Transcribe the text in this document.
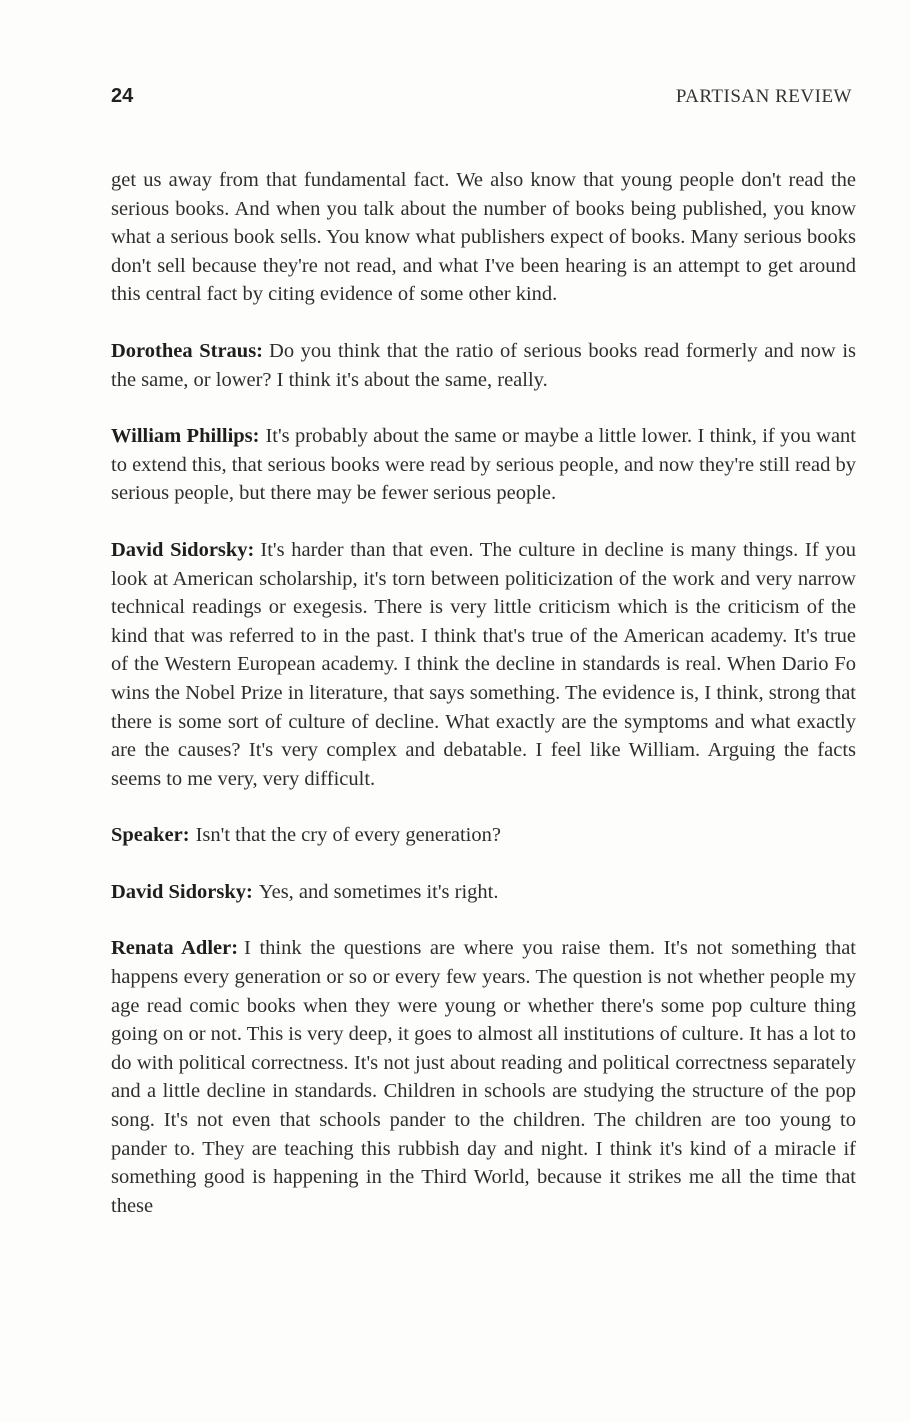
24	PARTISAN REVIEW

get us away from that fundamental fact. We also know that young people don't read the serious books. And when you talk about the number of books being published, you know what a serious book sells. You know what publishers expect of books. Many serious books don't sell because they're not read, and what I've been hearing is an attempt to get around this central fact by citing evidence of some other kind.

Dorothea Straus: Do you think that the ratio of serious books read formerly and now is the same, or lower? I think it's about the same, really.

William Phillips: It's probably about the same or maybe a little lower. I think, if you want to extend this, that serious books were read by serious people, and now they're still read by serious people, but there may be fewer serious people.

David Sidorsky: It's harder than that even. The culture in decline is many things. If you look at American scholarship, it's torn between politicization of the work and very narrow technical readings or exegesis. There is very little criticism which is the criticism of the kind that was referred to in the past. I think that's true of the American academy. It's true of the Western European academy. I think the decline in standards is real. When Dario Fo wins the Nobel Prize in literature, that says something. The evidence is, I think, strong that there is some sort of culture of decline. What exactly are the symptoms and what exactly are the causes? It's very complex and debatable. I feel like William. Arguing the facts seems to me very, very difficult.

Speaker: Isn't that the cry of every generation?

David Sidorsky: Yes, and sometimes it's right.

Renata Adler: I think the questions are where you raise them. It's not something that happens every generation or so or every few years. The question is not whether people my age read comic books when they were young or whether there's some pop culture thing going on or not. This is very deep, it goes to almost all institutions of culture. It has a lot to do with political correctness. It's not just about reading and political correctness separately and a little decline in standards. Children in schools are studying the structure of the pop song. It's not even that schools pander to the children. The children are too young to pander to. They are teaching this rubbish day and night. I think it's kind of a miracle if something good is happening in the Third World, because it strikes me all the time that these
